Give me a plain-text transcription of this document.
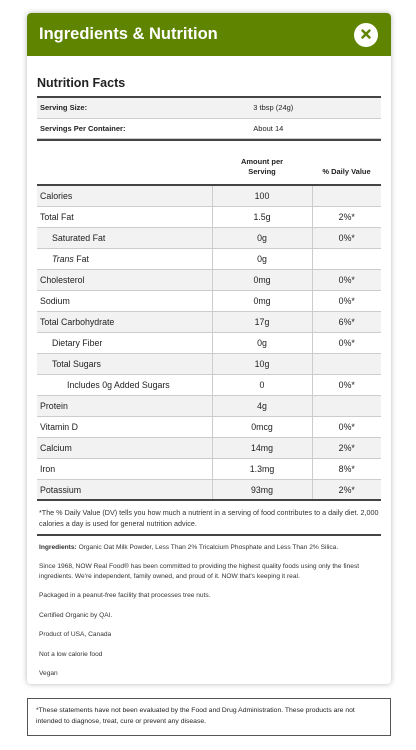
Ingredients & Nutrition
Nutrition Facts
Serving Size:	3 tbsp (24g)
Servings Per Container:	About 14
	Amount per Serving	% Daily Value
Calories	100	
Total Fat	1.5g	2%*
Saturated Fat	0g	0%*
Trans Fat	0g	
Cholesterol	0mg	0%*
Sodium	0mg	0%*
Total Carbohydrate	17g	6%*
Dietary Fiber	0g	0%*
Total Sugars	10g	
Includes 0g Added Sugars	0	0%*
Protein	4g	
Vitamin D	0mcg	0%*
Calcium	14mg	2%*
Iron	1.3mg	8%*
Potassium	93mg	2%*
*The % Daily Value (DV) tells you how much a nutrient in a serving of food contributes to a daily diet. 2,000 calories a day is used for general nutrition advice.

Ingredients: Organic Oat Milk Powder, Less Than 2% Tricalcium Phosphate and Less Than 2% Silica.

Since 1968, NOW Real Food® has been committed to providing the highest quality foods using only the finest ingredients. We're independent, family owned, and proud of it. NOW that's keeping it real.

Packaged in a peanut-free facility that processes tree nuts.

Certified Organic by QAI.

Product of USA, Canada

Not a low calorie food

Vegan

*These statements have not been evaluated by the Food and Drug Administration. These products are not intended to diagnose, treat, cure or prevent any disease.
